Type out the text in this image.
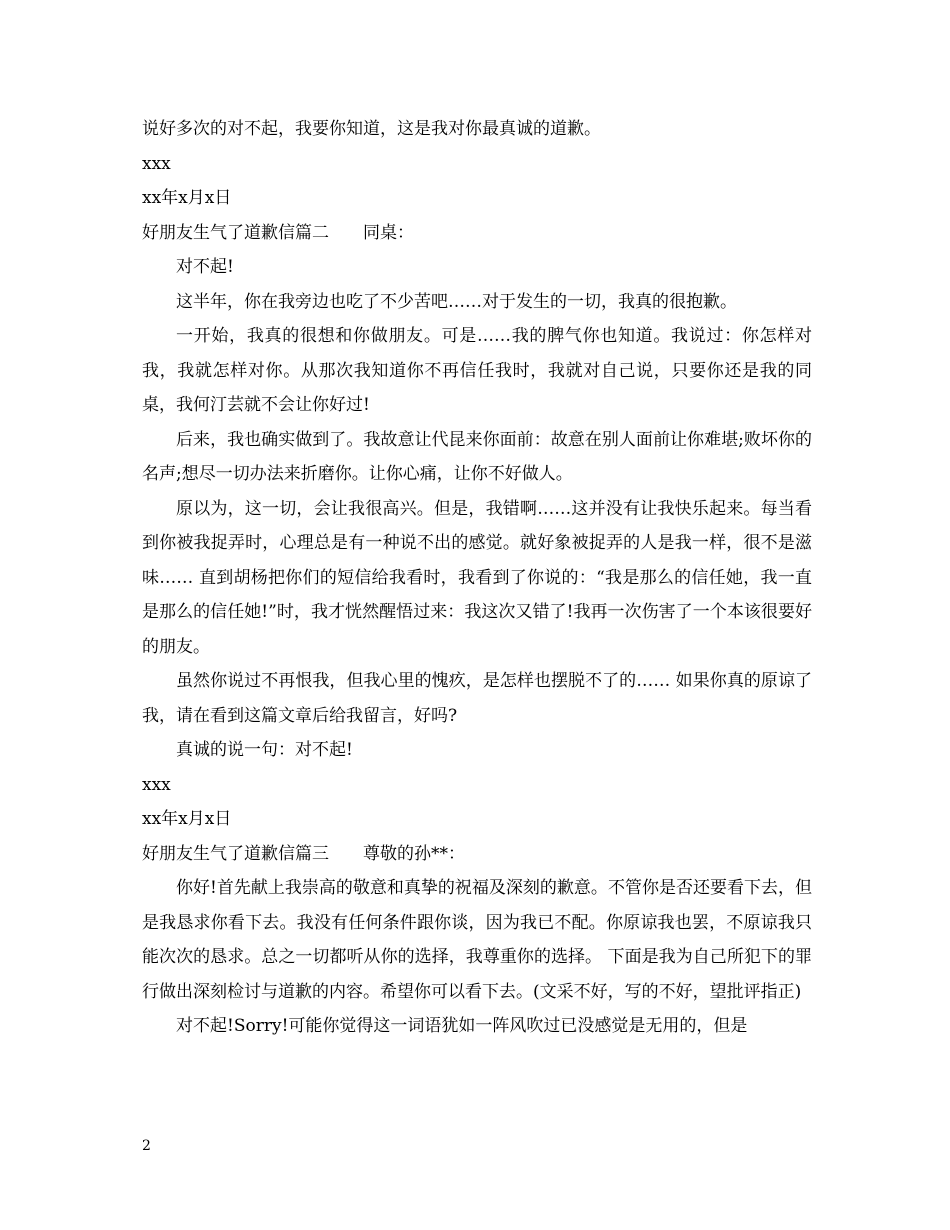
说好多次的对不起，我要你知道，这是我对你最真诚的道歉。

xxx

xx年x月x日

好朋友生气了道歉信篇二　　同桌：

对不起!

这半年，你在我旁边也吃了不少苦吧……对于发生的一切，我真的很抱歉。

一开始，我真的很想和你做朋友。可是……我的脾气你也知道。我说过：你怎样对我，我就怎样对你。从那次我知道你不再信任我时，我就对自己说，只要你还是我的同桌，我何汀芸就不会让你好过!

后来，我也确实做到了。我故意让代昆来你面前：故意在别人面前让你难堪;败坏你的名声;想尽一切办法来折磨你。让你心痛，让你不好做人。

原以为，这一切，会让我很高兴。但是，我错啊……这并没有让我快乐起来。每当看到你被我捉弄时，心理总是有一种说不出的感觉。就好象被捉弄的人是我一样，很不是滋味…… 直到胡杨把你们的短信给我看时，我看到了你说的：“我是那么的信任她，我一直是那么的信任她!”时，我才恍然醒悟过来：我这次又错了!我再一次伤害了一个本该很要好的朋友。

虽然你说过不再恨我，但我心里的愧疚，是怎样也摆脱不了的…… 如果你真的原谅了我，请在看到这篇文章后给我留言，好吗?

真诚的说一句：对不起!

xxx

xx年x月x日

好朋友生气了道歉信篇三　　尊敬的孙**：

你好!首先献上我崇高的敬意和真挚的祝福及深刻的歉意。不管你是否还要看下去，但是我恳求你看下去。我没有任何条件跟你谈，因为我已不配。你原谅我也罢，不原谅我只能次次的恳求。总之一切都听从你的选择，我尊重你的选择。 下面是我为自己所犯下的罪行做出深刻检讨与道歉的内容。希望你可以看下去。(文采不好，写的不好，望批评指正)

对不起!Sorry!可能你觉得这一词语犹如一阵风吹过已没感觉是无用的，但是

2
